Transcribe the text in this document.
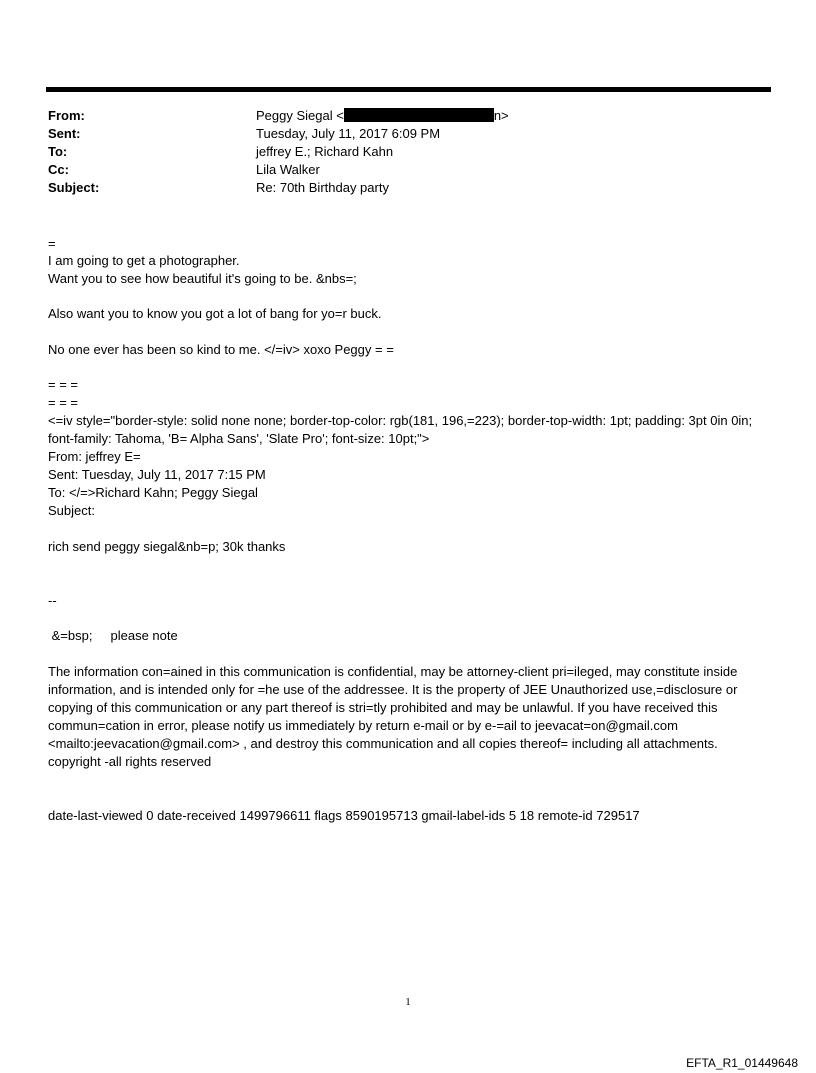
From:	Peggy Siegal <	n>
Sent:	Tuesday, July 11, 2017 6:09 PM
To:	jeffrey E.; Richard Kahn
Cc:	Lila Walker
Subject:	Re: 70th Birthday party
=
I am going to get a photographer.
Want you to see how beautiful it's going to be. &nbs=;
Also want you to know you got a lot of bang for yo=r buck.
No one ever has been so kind to me. </=iv> xoxo Peggy = =
= = =
= = =
<=iv style="border-style: solid none none; border-top-color: rgb(181, 196,=223); border-top-width: 1pt; padding: 3pt 0in 0in; font-family: Tahoma, 'B= Alpha Sans', 'Slate Pro'; font-size: 10pt;">
From: jeffrey E=
Sent: Tuesday, July 11, 2017 7:15 PM
To: </=>Richard Kahn; Peggy Siegal
Subject:
rich send peggy siegal&nb=p; 30k thanks
--
&=bsp;     please note
The information con=ained in this communication is confidential, may be attorney-client pri=ileged, may constitute inside information, and is intended only for =he use of the addressee. It is the property of JEE Unauthorized use,=disclosure or copying of this communication or any part thereof is stri=tly prohibited and may be unlawful. If you have received this commun=cation in error, please notify us immediately by return e-mail or by e-=ail to jeevacat=on@gmail.com <mailto:jeevacation@gmail.com> , and destroy this communication and all copies thereof= including all attachments. copyright -all rights reserved
date-last-viewed 0 date-received 1499796611 flags 8590195713 gmail-label-ids 5 18 remote-id 729517
1
EFTA_R1_01449648
